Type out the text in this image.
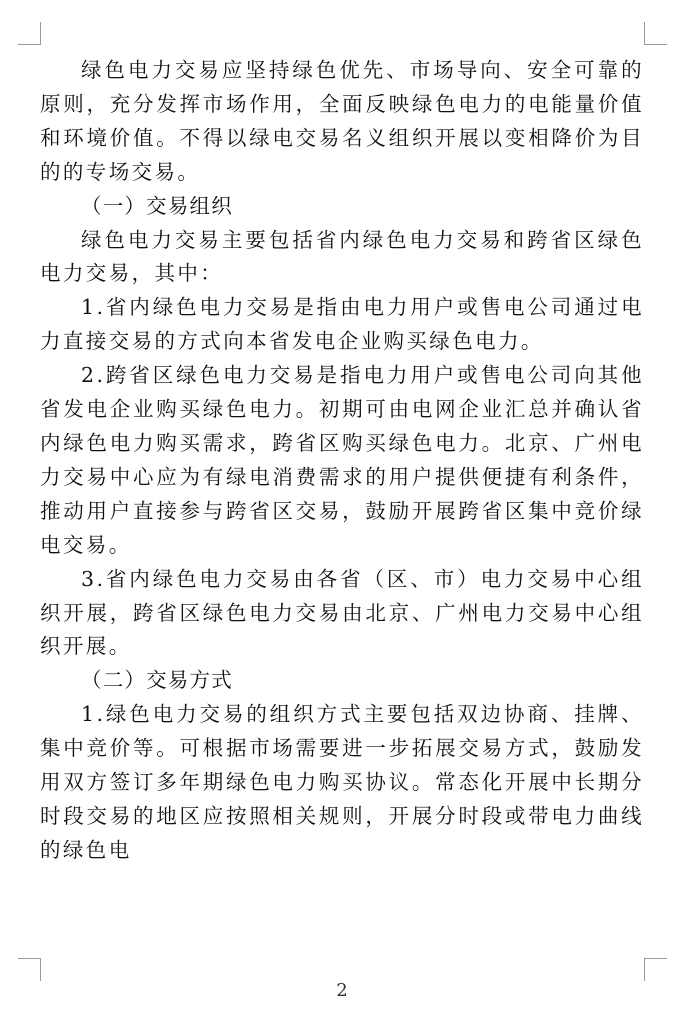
绿色电力交易应坚持绿色优先、市场导向、安全可靠的原则，充分发挥市场作用，全面反映绿色电力的电能量价值和环境价值。不得以绿电交易名义组织开展以变相降价为目的的专场交易。

（一）交易组织

绿色电力交易主要包括省内绿色电力交易和跨省区绿色电力交易，其中：

1.省内绿色电力交易是指由电力用户或售电公司通过电力直接交易的方式向本省发电企业购买绿色电力。

2.跨省区绿色电力交易是指电力用户或售电公司向其他省发电企业购买绿色电力。初期可由电网企业汇总并确认省内绿色电力购买需求，跨省区购买绿色电力。北京、广州电力交易中心应为有绿电消费需求的用户提供便捷有利条件，推动用户直接参与跨省区交易，鼓励开展跨省区集中竞价绿电交易。

3.省内绿色电力交易由各省（区、市）电力交易中心组织开展，跨省区绿色电力交易由北京、广州电力交易中心组织开展。

（二）交易方式

1.绿色电力交易的组织方式主要包括双边协商、挂牌、集中竞价等。可根据市场需要进一步拓展交易方式，鼓励发用双方签订多年期绿色电力购买协议。常态化开展中长期分时段交易的地区应按照相关规则，开展分时段或带电力曲线的绿色电

2
